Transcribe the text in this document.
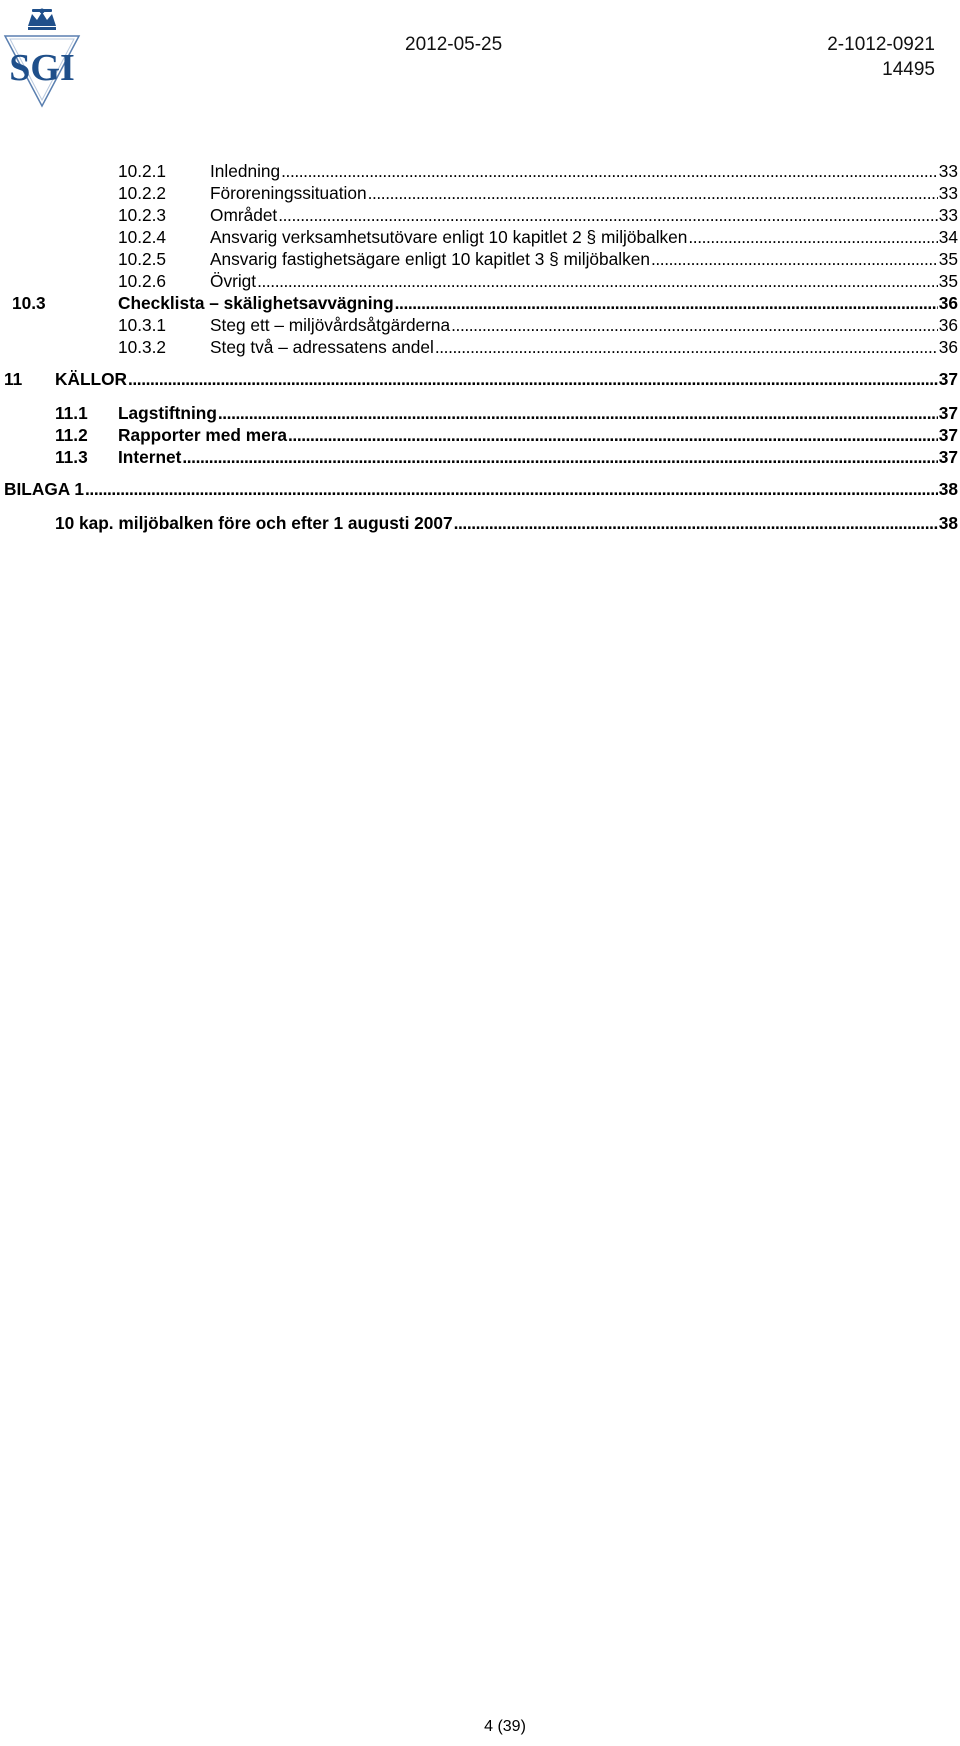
SGI
2012-05-25	2-1012-0921
14495
10.2.1	Inledning . . .	33
10.2.2	Föroreningssituation . . .	33
10.2.3	Området . . .	33
10.2.4	Ansvarig verksamhetsutövare enligt 10 kapitlet 2 § miljöbalken . . .	34
10.2.5	Ansvarig fastighetsägare enligt 10 kapitlet 3 § miljöbalken . . .	35
10.2.6	Övrigt . . .	35
10.3	Checklista – skälighetsavvägning . . .	36
10.3.1	Steg ett – miljövårdsåtgärderna . . .	36
10.3.2	Steg två – adressatens andel . . .	36
11	KÄLLOR . . .	37
11.1	Lagstiftning . . .	37
11.2	Rapporter med mera . . .	37
11.3	Internet . . .	37
BILAGA 1 . . .	38
10 kap. miljöbalken före och efter 1 augusti 2007 . . .	38
4 (39)
